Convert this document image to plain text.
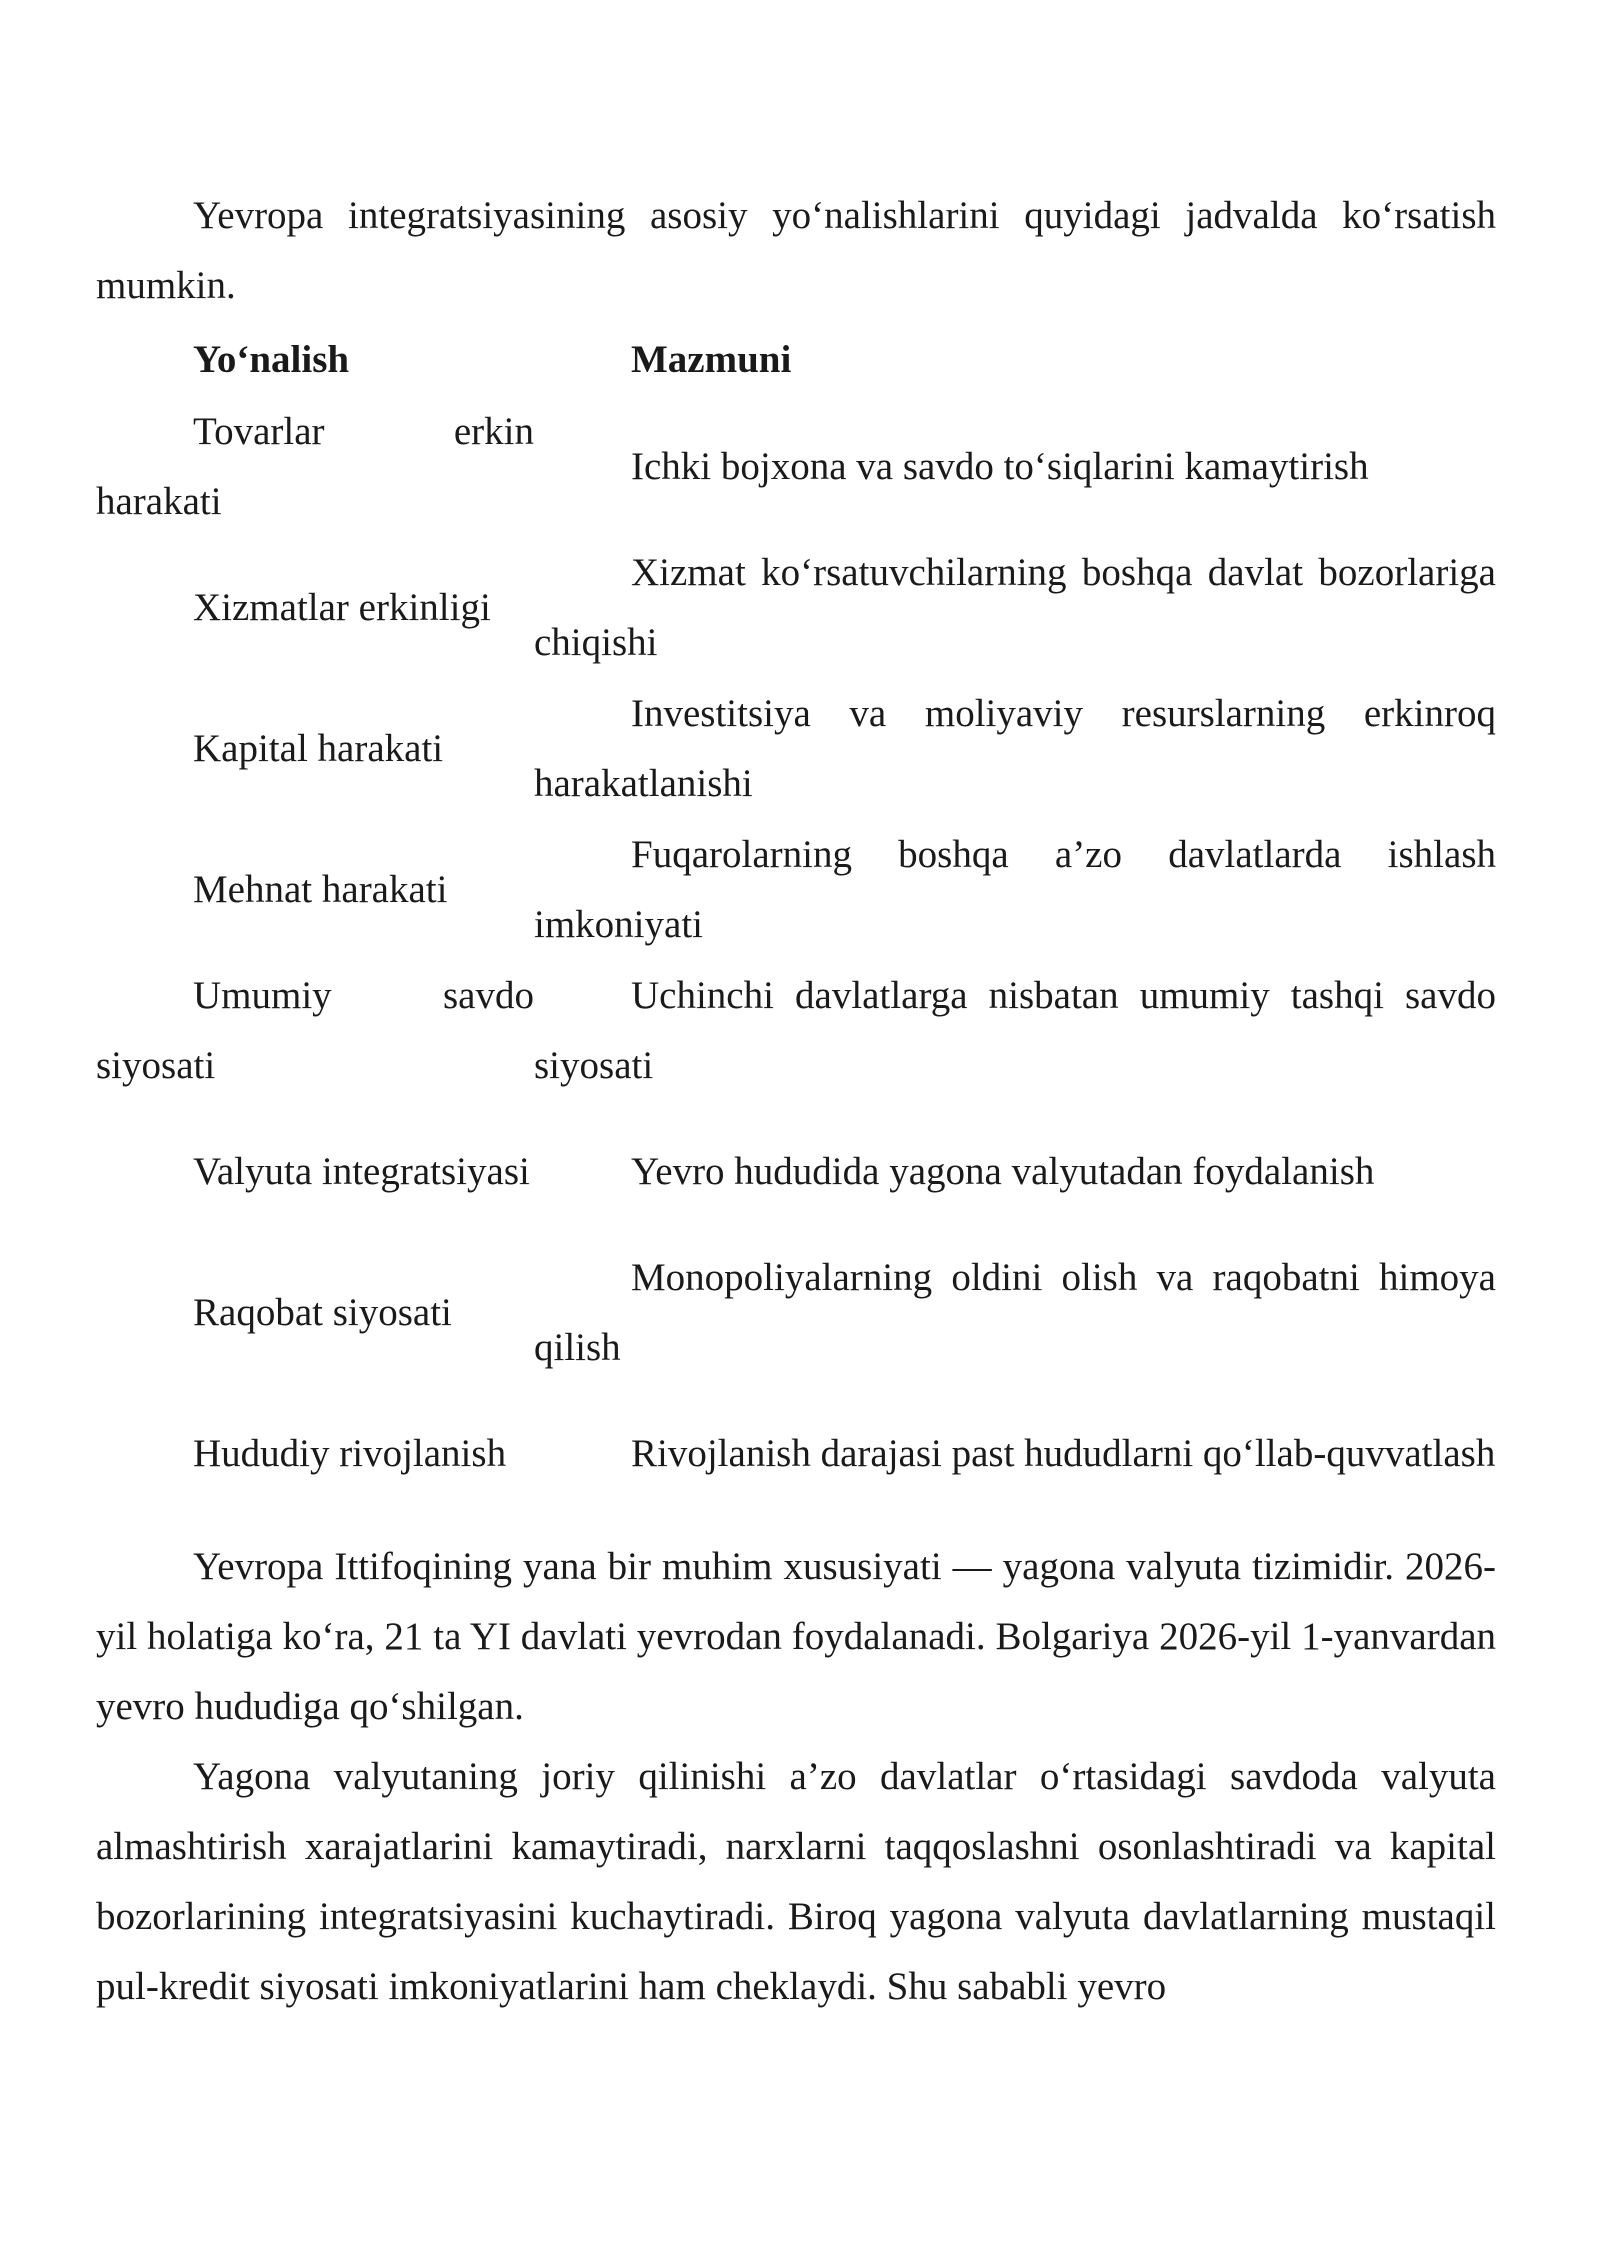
Yevropa integratsiyasining asosiy yo‘nalishlarini quyidagi jadvalda ko‘rsatish mumkin.

Yo‘nalish	Mazmuni
Tovarlar erkin harakati	Ichki bojxona va savdo to‘siqlarini kamaytirish
Xizmatlar erkinligi	Xizmat ko‘rsatuvchilarning boshqa davlat bozorlariga chiqishi
Kapital harakati	Investitsiya va moliyaviy resurslarning erkinroq harakatlanishi
Mehnat harakati	Fuqarolarning boshqa a’zo davlatlarda ishlash imkoniyati
Umumiy savdo siyosati	Uchinchi davlatlarga nisbatan umumiy tashqi savdo siyosati
Valyuta integratsiyasi	Yevro hududida yagona valyutadan foydalanish
Raqobat siyosati	Monopoliyalarning oldini olish va raqobatni himoya qilish
Hududiy rivojlanish	Rivojlanish darajasi past hududlarni qo‘llab-quvvatlash

Yevropa Ittifoqining yana bir muhim xususiyati — yagona valyuta tizimidir. 2026-yil holatiga ko‘ra, 21 ta YI davlati yevrodan foydalanadi. Bolgariya 2026-yil 1-yanvardan yevro hududiga qo‘shilgan.

Yagona valyutaning joriy qilinishi a’zo davlatlar o‘rtasidagi savdoda valyuta almashtirish xarajatlarini kamaytiradi, narxlarni taqqoslashni osonlashtiradi va kapital bozorlarining integratsiyasini kuchaytiradi. Biroq yagona valyuta davlatlarning mustaqil pul-kredit siyosati imkoniyatlarini ham cheklaydi. Shu sababli yevro
